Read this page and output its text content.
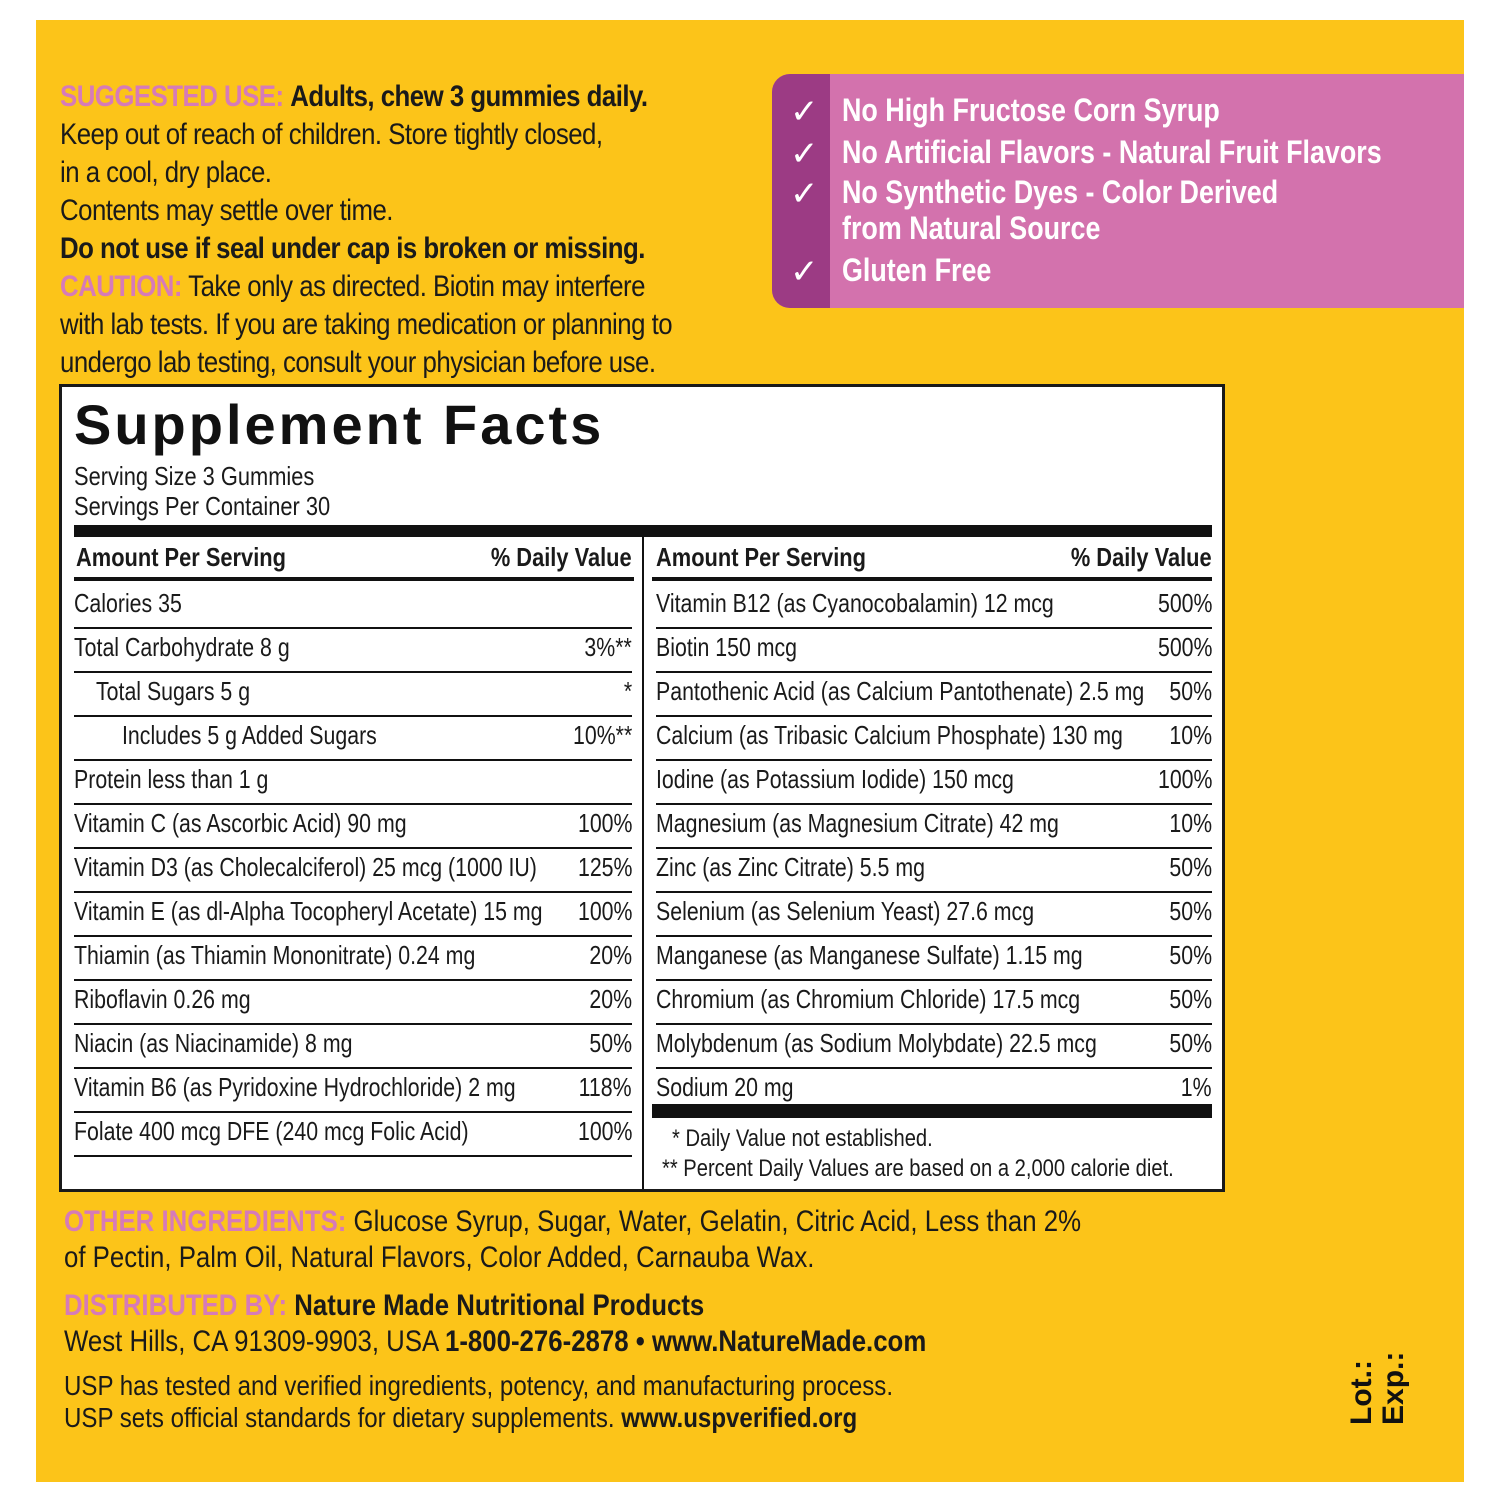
SUGGESTED USE: Adults, chew 3 gummies daily.
Keep out of reach of children. Store tightly closed,
in a cool, dry place.
Contents may settle over time.
Do not use if seal under cap is broken or missing.
CAUTION: Take only as directed. Biotin may interfere
with lab tests. If you are taking medication or planning to
undergo lab testing, consult your physician before use.
✓ No High Fructose Corn Syrup
✓ No Artificial Flavors - Natural Fruit Flavors
✓ No Synthetic Dyes - Color Derived
from Natural Source
✓ Gluten Free
Supplement Facts
Serving Size 3 Gummies
Servings Per Container 30
Amount Per Serving	% Daily Value Amount Per Serving	% Daily Value
Calories 35
Total Carbohydrate 8 g	3%**
Total Sugars 5 g	*
Includes 5 g Added Sugars	10%**
Protein less than 1 g
Vitamin C (as Ascorbic Acid) 90 mg	100%
Vitamin D3 (as Cholecalciferol) 25 mcg (1000 IU) 125%
Vitamin E (as dl-Alpha Tocopheryl Acetate) 15 mg 100%
Thiamin (as Thiamin Mononitrate) 0.24 mg	20%
Riboflavin 0.26 mg	20%
Niacin (as Niacinamide) 8 mg	50%
Vitamin B6 (as Pyridoxine Hydrochloride) 2 mg 118%
Folate 400 mcg DFE (240 mcg Folic Acid)	100%
Vitamin B12 (as Cyanocobalamin) 12 mcg	500%
Biotin 150 mcg	500%
Pantothenic Acid (as Calcium Pantothenate) 2.5 mg 50%
Calcium (as Tribasic Calcium Phosphate) 130 mg 10%
Iodine (as Potassium Iodide) 150 mcg	100%
Magnesium (as Magnesium Citrate) 42 mg	10%
Zinc (as Zinc Citrate) 5.5 mg	50%
Selenium (as Selenium Yeast) 27.6 mcg	50%
Manganese (as Manganese Sulfate) 1.15 mg	50%
Chromium (as Chromium Chloride) 17.5 mcg	50%
Molybdenum (as Sodium Molybdate) 22.5 mcg	50%
Sodium 20 mg	1%
* Daily Value not established.
** Percent Daily Values are based on a 2,000 calorie diet.
OTHER INGREDIENTS: Glucose Syrup, Sugar, Water, Gelatin, Citric Acid, Less than 2%
of Pectin, Palm Oil, Natural Flavors, Color Added, Carnauba Wax.
DISTRIBUTED BY: Nature Made Nutritional Products
West Hills, CA 91309-9903, USA 1-800-276-2878 • www.NatureMade.com
USP has tested and verified ingredients, potency, and manufacturing process.
USP sets official standards for dietary supplements. www.uspverified.org	Lot.: Exp.:
